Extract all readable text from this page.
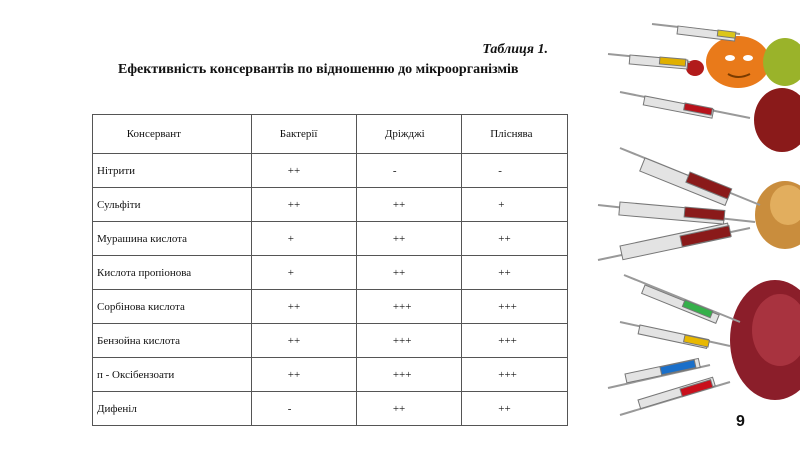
Таблиця 1.
Ефективність консервантів по відношенню до мікроорганізмів
Консервант	Бактерії	Дріжджі	Пліснява
Нітрити	++	-	-
Сульфіти	++	++	+
Мурашина кислота	+	++	++
Кислота пропіонова	+	++	++
Сорбінова кислота	++	+++	+++
Бензойна кислота	++	+++	+++
п - Оксібензоати	++	+++	+++
Дифеніл	-	++	++
9
